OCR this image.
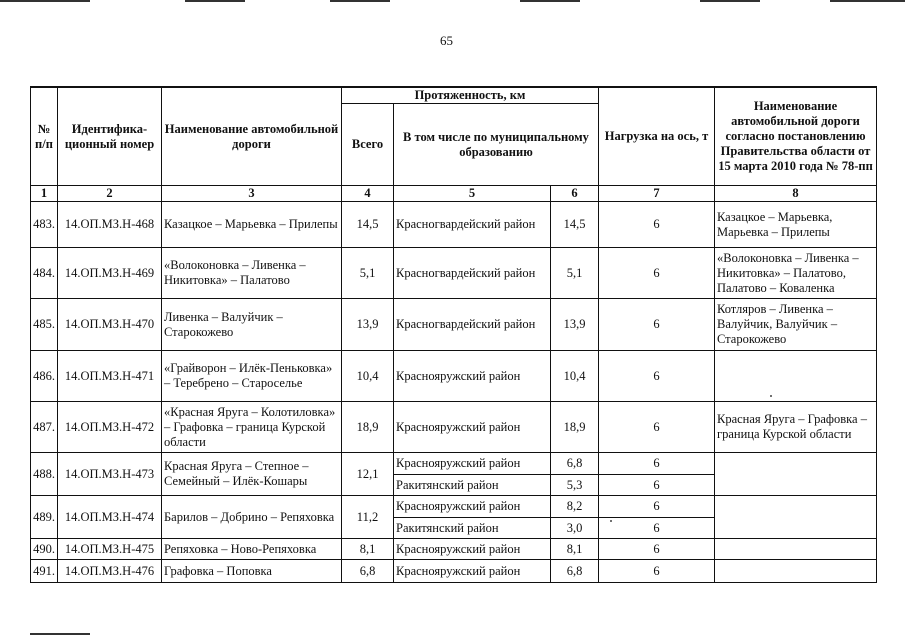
65
№ п/п	Идентифика-ционный номер	Наименование автомобильной дороги	Протяженность, км			Нагрузка на ось, т	Наименование автомобильной дороги согласно постановлению Правительства области от 15 марта 2010 года № 78-пп
			Всего	В том числе по муниципальному образованию			
1	2	3	4	5	6	7	8
483.	14.ОП.МЗ.Н-468	Казацкое – Марьевка – Прилепы	14,5	Красногвардейский район	14,5	6	Казацкое – Марьевка, Марьевка – Прилепы
484.	14.ОП.МЗ.Н-469	«Волоконовка – Ливенка – Никитовка» – Палатово	5,1	Красногвардейский район	5,1	6	«Волоконовка – Ливенка – Никитовка» – Палатово, Палатово – Коваленка
485.	14.ОП.МЗ.Н-470	Ливенка – Валуйчик – Старокожево	13,9	Красногвардейский район	13,9	6	Котляров – Ливенка – Валуйчик, Валуйчик – Старокожево
486.	14.ОП.МЗ.Н-471	«Грайворон – Илёк-Пеньковка» – Теребрено – Староселье	10,4	Краснояружский район	10,4	6	
487.	14.ОП.МЗ.Н-472	«Красная Яруга – Колотиловка» – Графовка – граница Курской области	18,9	Краснояружский район	18,9	6	Красная Яруга – Графовка – граница Курской области
488.	14.ОП.МЗ.Н-473	Красная Яруга – Степное – Семейный – Илёк-Кошары	12,1	Краснояружский район	6,8	6	
				Ракитянский район	5,3	6	
489.	14.ОП.МЗ.Н-474	Барилов – Добрино – Репяховка	11,2	Краснояружский район	8,2	6	
				Ракитянский район	3,0	6	
490.	14.ОП.МЗ.Н-475	Репяховка – Ново-Репяховка	8,1	Краснояружский район	8,1	6	
491.	14.ОП.МЗ.Н-476	Графовка – Поповка	6,8	Краснояружский район	6,8	6	
